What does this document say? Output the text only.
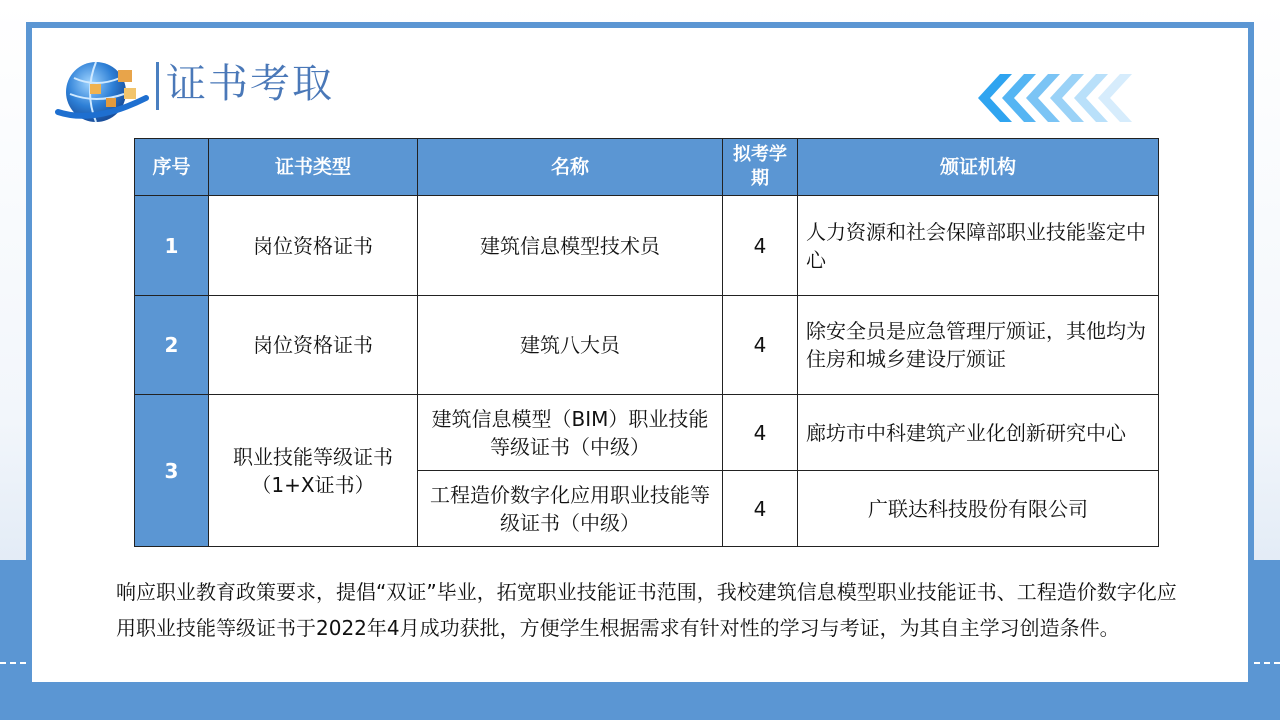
证书考取
序号	证书类型	名称	拟考学期	颁证机构
1	岗位资格证书	建筑信息模型技术员	4	人力资源和社会保障部职业技能鉴定中心
2	岗位资格证书	建筑八大员	4	除安全员是应急管理厅颁证，其他均为住房和城乡建设厅颁证
3	职业技能等级证书（1+X证书）	建筑信息模型（BIM）职业技能等级证书（中级）	4	廊坊市中科建筑产业化创新研究中心
		工程造价数字化应用职业技能等级证书（中级）	4	广联达科技股份有限公司
响应职业教育政策要求，提倡“双证”毕业，拓宽职业技能证书范围，我校建筑信息模型职业技能证书、工程造价数字化应用职业技能等级证书于2022年4月成功获批，方便学生根据需求有针对性的学习与考证，为其自主学习创造条件。
